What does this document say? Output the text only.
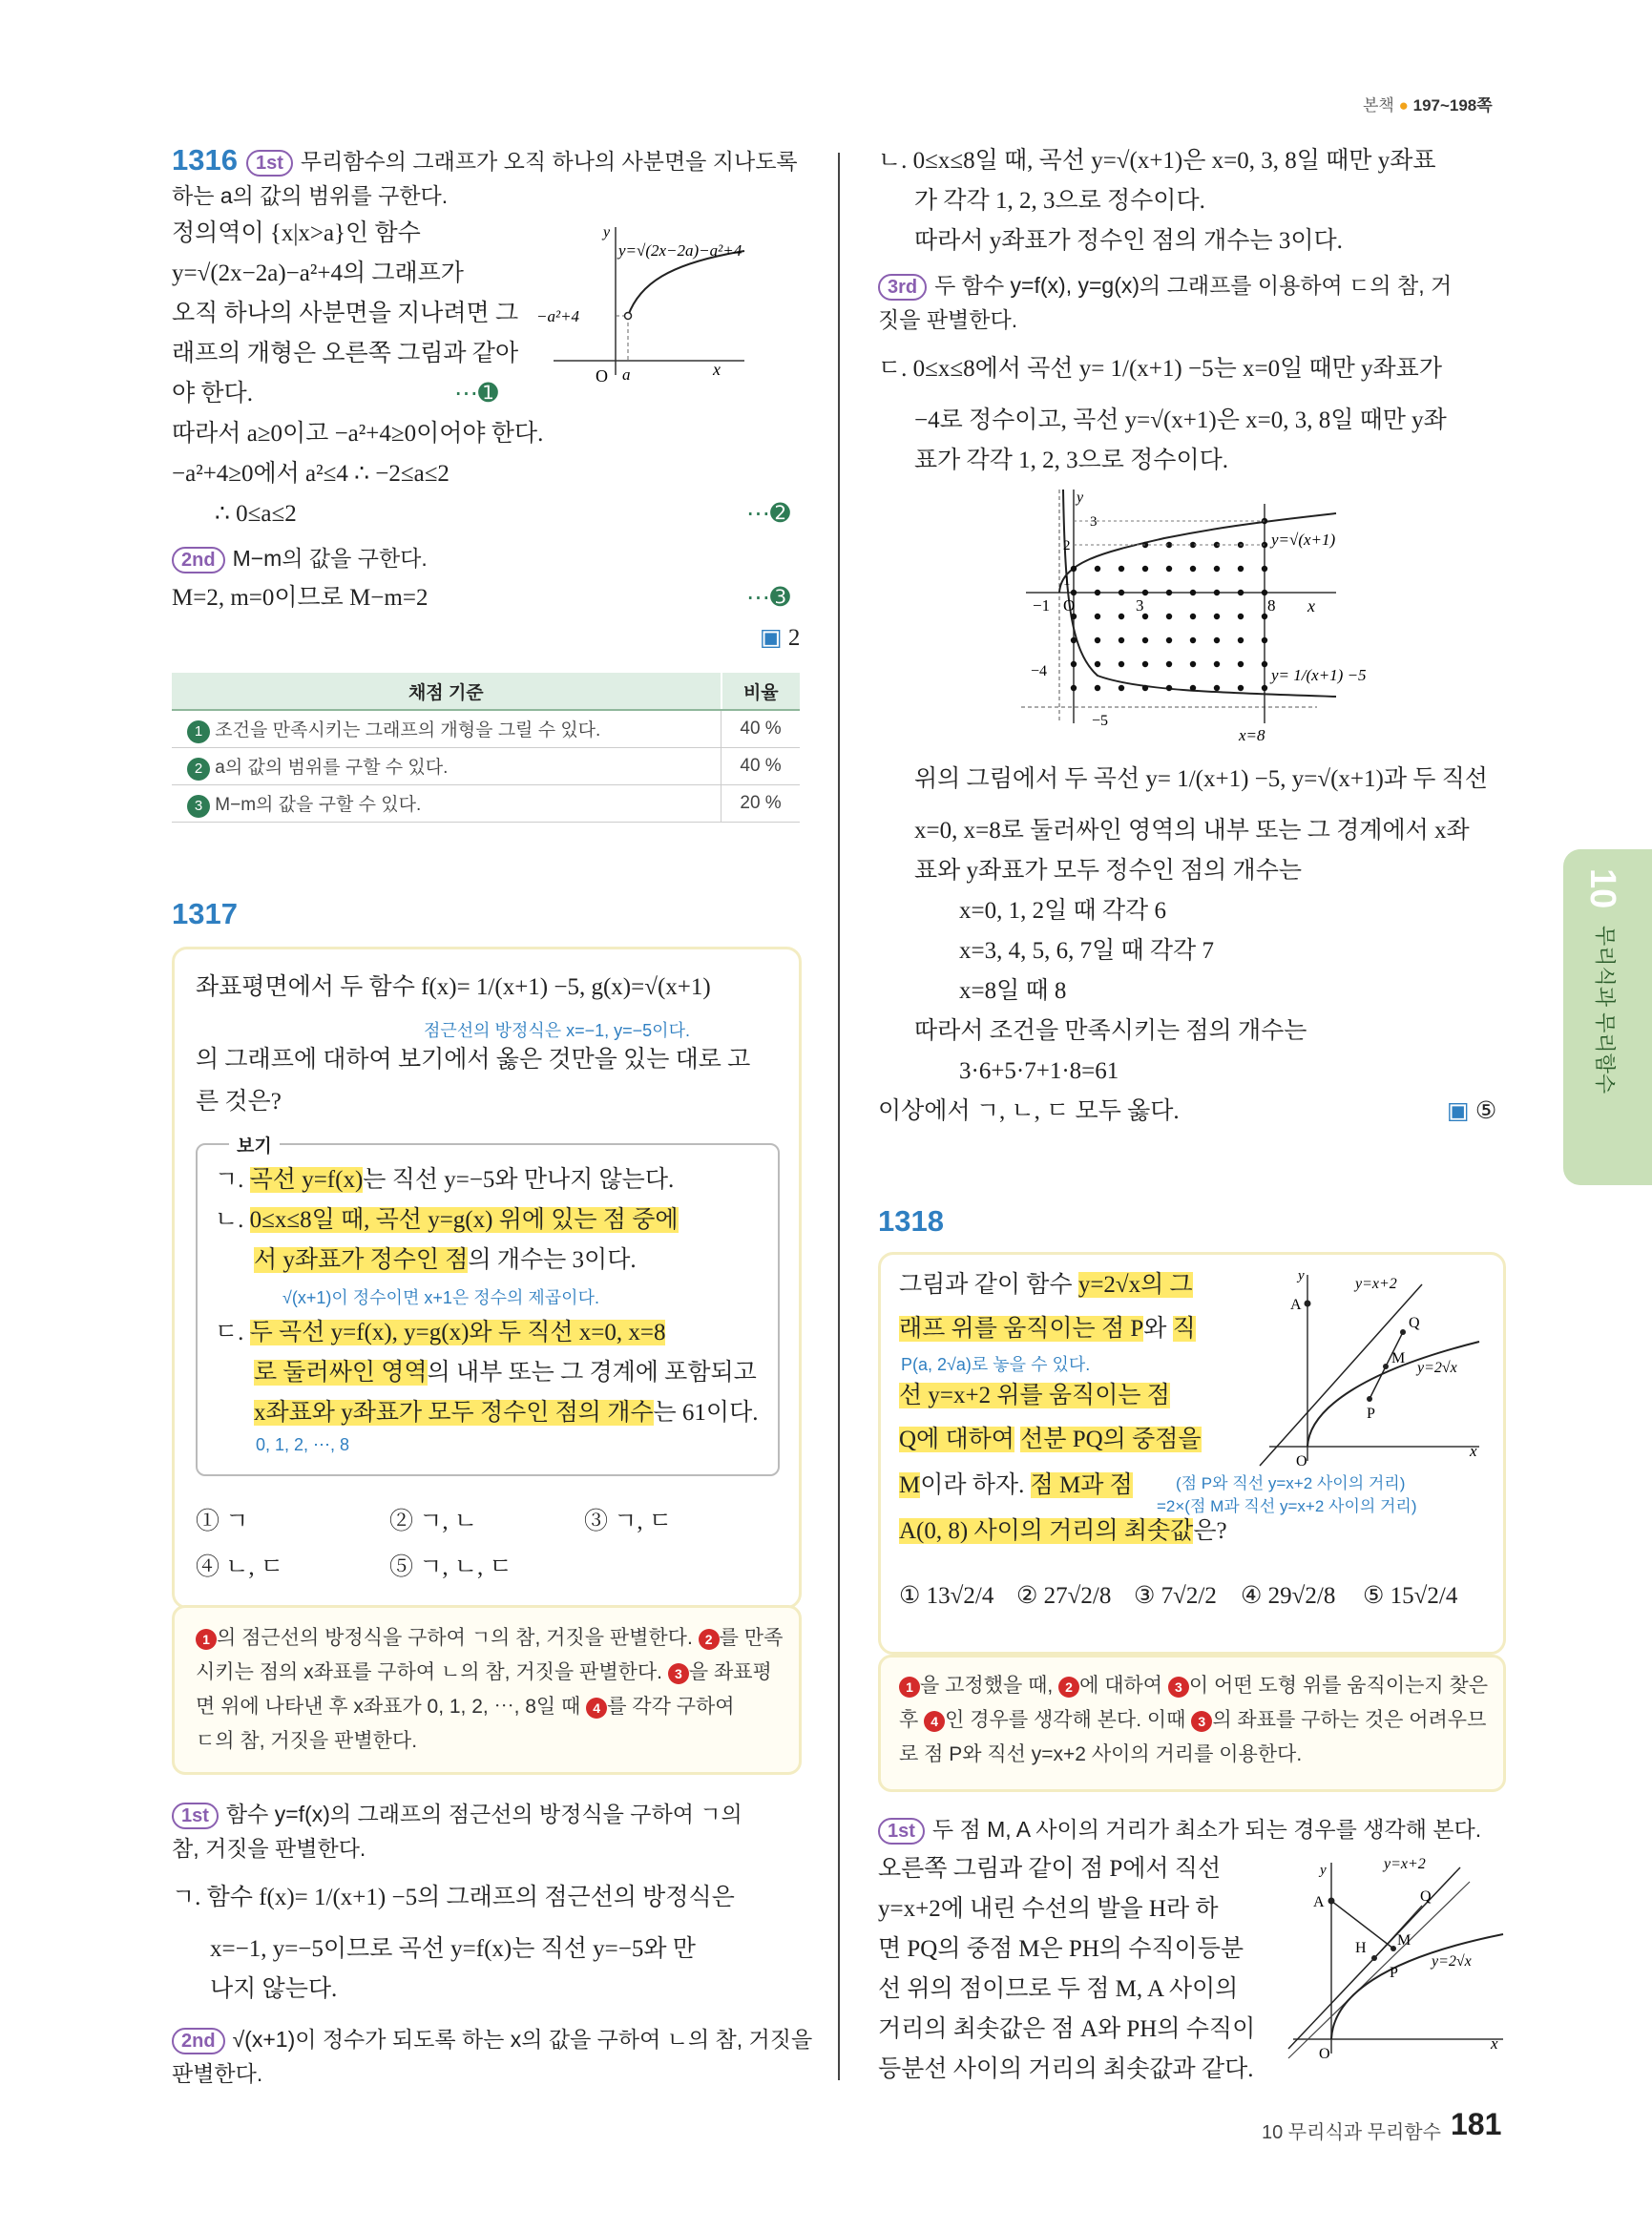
본책 ● 197~198쪽
10
무리식과 무리함수
1316 1st 무리함수의 그래프가 오직 하나의 사분면을 지나도록
하는 a의 값의 범위를 구한다.
정의역이 {x|x>a}인 함수
y=√(2x−2a)−a²+4의 그래프가
오직 하나의 사분면을 지나려면 그
래프의 개형은 오른쪽 그림과 같아
야 한다.	⋯➊
y
x
O a
−a²+4
y=√(2x−2a)−a²+4
따라서 a≥0이고 −a²+4≥0이어야 한다.
−a²+4≥0에서 a²≤4 ∴ −2≤a≤2
∴ 0≤a≤2	⋯➋
2nd M−m의 값을 구한다.
M=2, m=0이므로 M−m=2	⋯➌
▣ 2
채점 기준	비율
1 조건을 만족시키는 그래프의 개형을 그릴 수 있다.	40 %
2 a의 값의 범위를 구할 수 있다.	40 %
3 M−m의 값을 구할 수 있다.	20 %
1317
좌표평면에서 두 함수 f(x)= 1/(x+1) −5, g(x)=√(x+1)
점근선의 방정식은 x=−1, y=−5이다.
의 그래프에 대하여 보기에서 옳은 것만을 있는 대로 고
른 것은?
보기
ㄱ. 곡선 y=f(x)는 직선 y=−5와 만나지 않는다.
ㄴ. 0≤x≤8일 때, 곡선 y=g(x) 위에 있는 점 중에
서 y좌표가 정수인 점의 개수는 3이다.
√(x+1)이 정수이면 x+1은 정수의 제곱이다.
ㄷ. 두 곡선 y=f(x), y=g(x)와 두 직선 x=0, x=8
로 둘러싸인 영역의 내부 또는 그 경계에 포함되고
x좌표와 y좌표가 모두 정수인 점의 개수는 61이다.
0, 1, 2, ⋯, 8
① ㄱ	② ㄱ, ㄴ	③ ㄱ, ㄷ
④ ㄴ, ㄷ	⑤ ㄱ, ㄴ, ㄷ
1 의 점근선의 방정식을 구하여 ㄱ의 참, 거짓을 판별한다. 2 를 만족
시키는 점의 x좌표를 구하여 ㄴ의 참, 거짓을 판별한다. 3 을 좌표평
면 위에 나타낸 후 x좌표가 0, 1, 2, ⋯, 8일 때 4 를 각각 구하여
ㄷ의 참, 거짓을 판별한다.
1st 함수 y=f(x)의 그래프의 점근선의 방정식을 구하여 ㄱ의
참, 거짓을 판별한다.
ㄱ. 함수 f(x)= 1/(x+1) −5의 그래프의 점근선의 방정식은
x=−1, y=−5이므로 곡선 y=f(x)는 직선 y=−5와 만
나지 않는다.
2nd √(x+1)이 정수가 되도록 하는 x의 값을 구하여 ㄴ의 참, 거짓을
판별한다.
ㄴ. 0≤x≤8일 때, 곡선 y=√(x+1)은 x=0, 3, 8일 때만 y좌표
가 각각 1, 2, 3으로 정수이다.
따라서 y좌표가 정수인 점의 개수는 3이다.
3rd 두 함수 y=f(x), y=g(x)의 그래프를 이용하여 ㄷ의 참, 거
짓을 판별한다.
ㄷ. 0≤x≤8에서 곡선 y= 1/(x+1) −5는 x=0일 때만 y좌표가
−4로 정수이고, 곡선 y=√(x+1)은 x=0, 3, 8일 때만 y좌
표가 각각 1, 2, 3으로 정수이다.
y
x
O
−1	3	8
1
2
3
−4
−5
y=√(x+1)
y= 1/(x+1) −5
x=8
위의 그림에서 두 곡선 y= 1/(x+1) −5, y=√(x+1)과 두 직선
x=0, x=8로 둘러싸인 영역의 내부 또는 그 경계에서 x좌
표와 y좌표가 모두 정수인 점의 개수는
x=0, 1, 2일 때 각각 6
x=3, 4, 5, 6, 7일 때 각각 7
x=8일 때 8
따라서 조건을 만족시키는 점의 개수는
3·6+5·7+1·8=61
이상에서 ㄱ, ㄴ, ㄷ 모두 옳다.	▣ ⑤
1318
그림과 같이 함수 y=2√x의 그
래프 위를 움직이는 점 P와 직
P(a, 2√a)로 놓을 수 있다.
선 y=x+2 위를 움직이는 점
Q에 대하여 선분 PQ의 중점을
M이라 하자. 점 M과 점	(점 P와 직선 y=x+2 사이의 거리)
=2×(점 M과 직선 y=x+2 사이의 거리)
A(0, 8) 사이의 거리의 최솟값은?
y
x
O
A
Q
M
P
y=x+2
y=2√x
① 13√2/4 ② 27√2/8 ③ 7√2/2 ④ 29√2/8 ⑤ 15√2/4
1 을 고정했을 때, 2 에 대하여 3 이 어떤 도형 위를 움직이는지 찾은
후 4 인 경우를 생각해 본다. 이때 3 의 좌표를 구하는 것은 어려우므
로 점 P와 직선 y=x+2 사이의 거리를 이용한다.
1st 두 점 M, A 사이의 거리가 최소가 되는 경우를 생각해 본다.
오른쪽 그림과 같이 점 P에서 직선
y=x+2에 내린 수선의 발을 H라 하
면 PQ의 중점 M은 PH의 수직이등분
선 위의 점이므로 두 점 M, A 사이의
거리의 최솟값은 점 A와 PH의 수직이
등분선 사이의 거리의 최솟값과 같다.
y
x
O
A	Q
M
H
P
y=x+2
y=2√x
10 무리식과 무리함수 181
